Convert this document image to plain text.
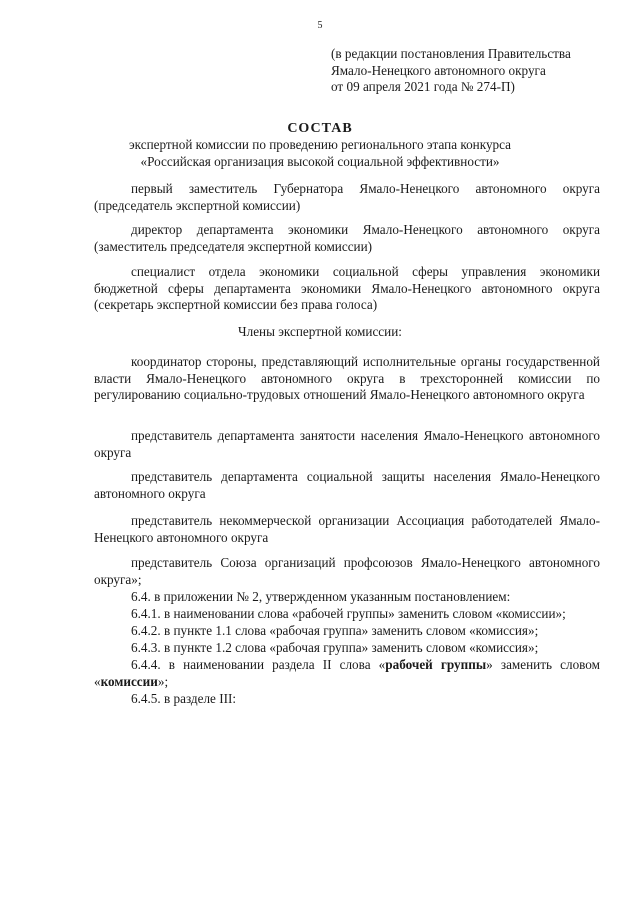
5
(в редакции постановления Правительства
Ямало-Ненецкого автономного округа
от 09 апреля 2021 года № 274-П)
СОСТАВ
экспертной комиссии по проведению регионального этапа конкурса
«Российская организация высокой социальной эффективности»
первый заместитель Губернатора Ямало-Ненецкого автономного округа (председатель экспертной комиссии)
директор департамента экономики Ямало-Ненецкого автономного округа (заместитель председателя экспертной комиссии)
специалист отдела экономики социальной сферы управления экономики бюджетной сферы департамента экономики Ямало-Ненецкого автономного округа (секретарь экспертной комиссии без права голоса)
Члены экспертной комиссии:
координатор стороны, представляющий исполнительные органы государственной власти Ямало-Ненецкого автономного округа в трехсторонней комиссии по регулированию социально-трудовых отношений Ямало-Ненецкого автономного округа
представитель департамента занятости населения Ямало-Ненецкого автономного округа
представитель департамента социальной защиты населения Ямало-Ненецкого автономного округа
представитель некоммерческой организации Ассоциация работодателей Ямало-Ненецкого автономного округа
представитель Союза организаций профсоюзов Ямало-Ненецкого автономного округа»;

6.4. в приложении № 2, утвержденном указанным постановлением:

6.4.1. в наименовании слова «рабочей группы» заменить словом «комиссии»;

6.4.2. в пункте 1.1 слова «рабочая группа» заменить словом «комиссия»;

6.4.3. в пункте 1.2 слова «рабочая группа» заменить словом «комиссия»;

6.4.4. в наименовании раздела II слова «рабочей группы» заменить словом «комиссии»;

6.4.5. в разделе III:
